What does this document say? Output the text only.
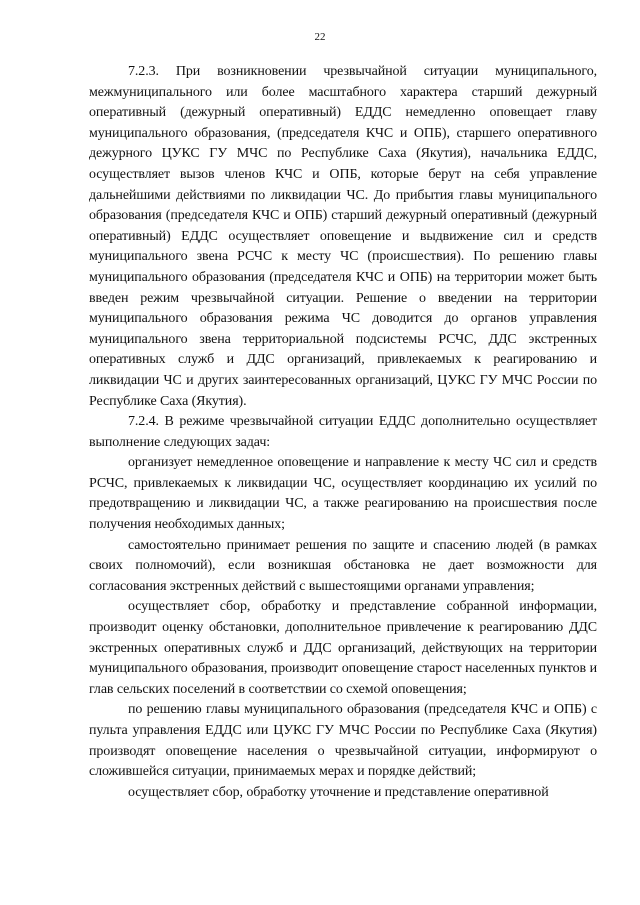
22

7.2.3. При возникновении чрезвычайной ситуации муниципального, межмуниципального или более масштабного характера старший дежурный оперативный (дежурный оперативный) ЕДДС немедленно оповещает главу муниципального образования, (председателя КЧС и ОПБ), старшего оперативного дежурного ЦУКС ГУ МЧС по Республике Саха (Якутия), начальника ЕДДС, осуществляет вызов членов КЧС и ОПБ, которые берут на себя управление дальнейшими действиями по ликвидации ЧС. До прибытия главы муниципального образования (председателя КЧС и ОПБ) старший дежурный оперативный (дежурный оперативный) ЕДДС осуществляет оповещение и выдвижение сил и средств муниципального звена РСЧС к месту ЧС (происшествия). По решению главы муниципального образования (председателя КЧС и ОПБ) на территории может быть введен режим чрезвычайной ситуации. Решение о введении на территории муниципального образования режима ЧС доводится до органов управления муниципального звена территориальной подсистемы РСЧС, ДДС экстренных оперативных служб и ДДС организаций, привлекаемых к реагированию и ликвидации ЧС и других заинтересованных организаций, ЦУКС ГУ МЧС России по Республике Саха (Якутия).

7.2.4. В режиме чрезвычайной ситуации ЕДДС дополнительно осуществляет выполнение следующих задач:

организует немедленное оповещение и направление к месту ЧС сил и средств РСЧС, привлекаемых к ликвидации ЧС, осуществляет координацию их усилий по предотвращению и ликвидации ЧС, а также реагированию на происшествия после получения необходимых данных;

самостоятельно принимает решения по защите и спасению людей (в рамках своих полномочий), если возникшая обстановка не дает возможности для согласования экстренных действий с вышестоящими органами управления;

осуществляет сбор, обработку и представление собранной информации, производит оценку обстановки, дополнительное привлечение к реагированию ДДС экстренных оперативных служб и ДДС организаций, действующих на территории муниципального образования, производит оповещение старост населенных пунктов и глав сельских поселений в соответствии со схемой оповещения;

по решению главы муниципального образования (председателя КЧС и ОПБ) с пульта управления ЕДДС или ЦУКС ГУ МЧС России по Республике Саха (Якутия) производят оповещение населения о чрезвычайной ситуации, информируют о сложившейся ситуации, принимаемых мерах и порядке действий;

осуществляет сбор, обработку уточнение и представление оперативной
